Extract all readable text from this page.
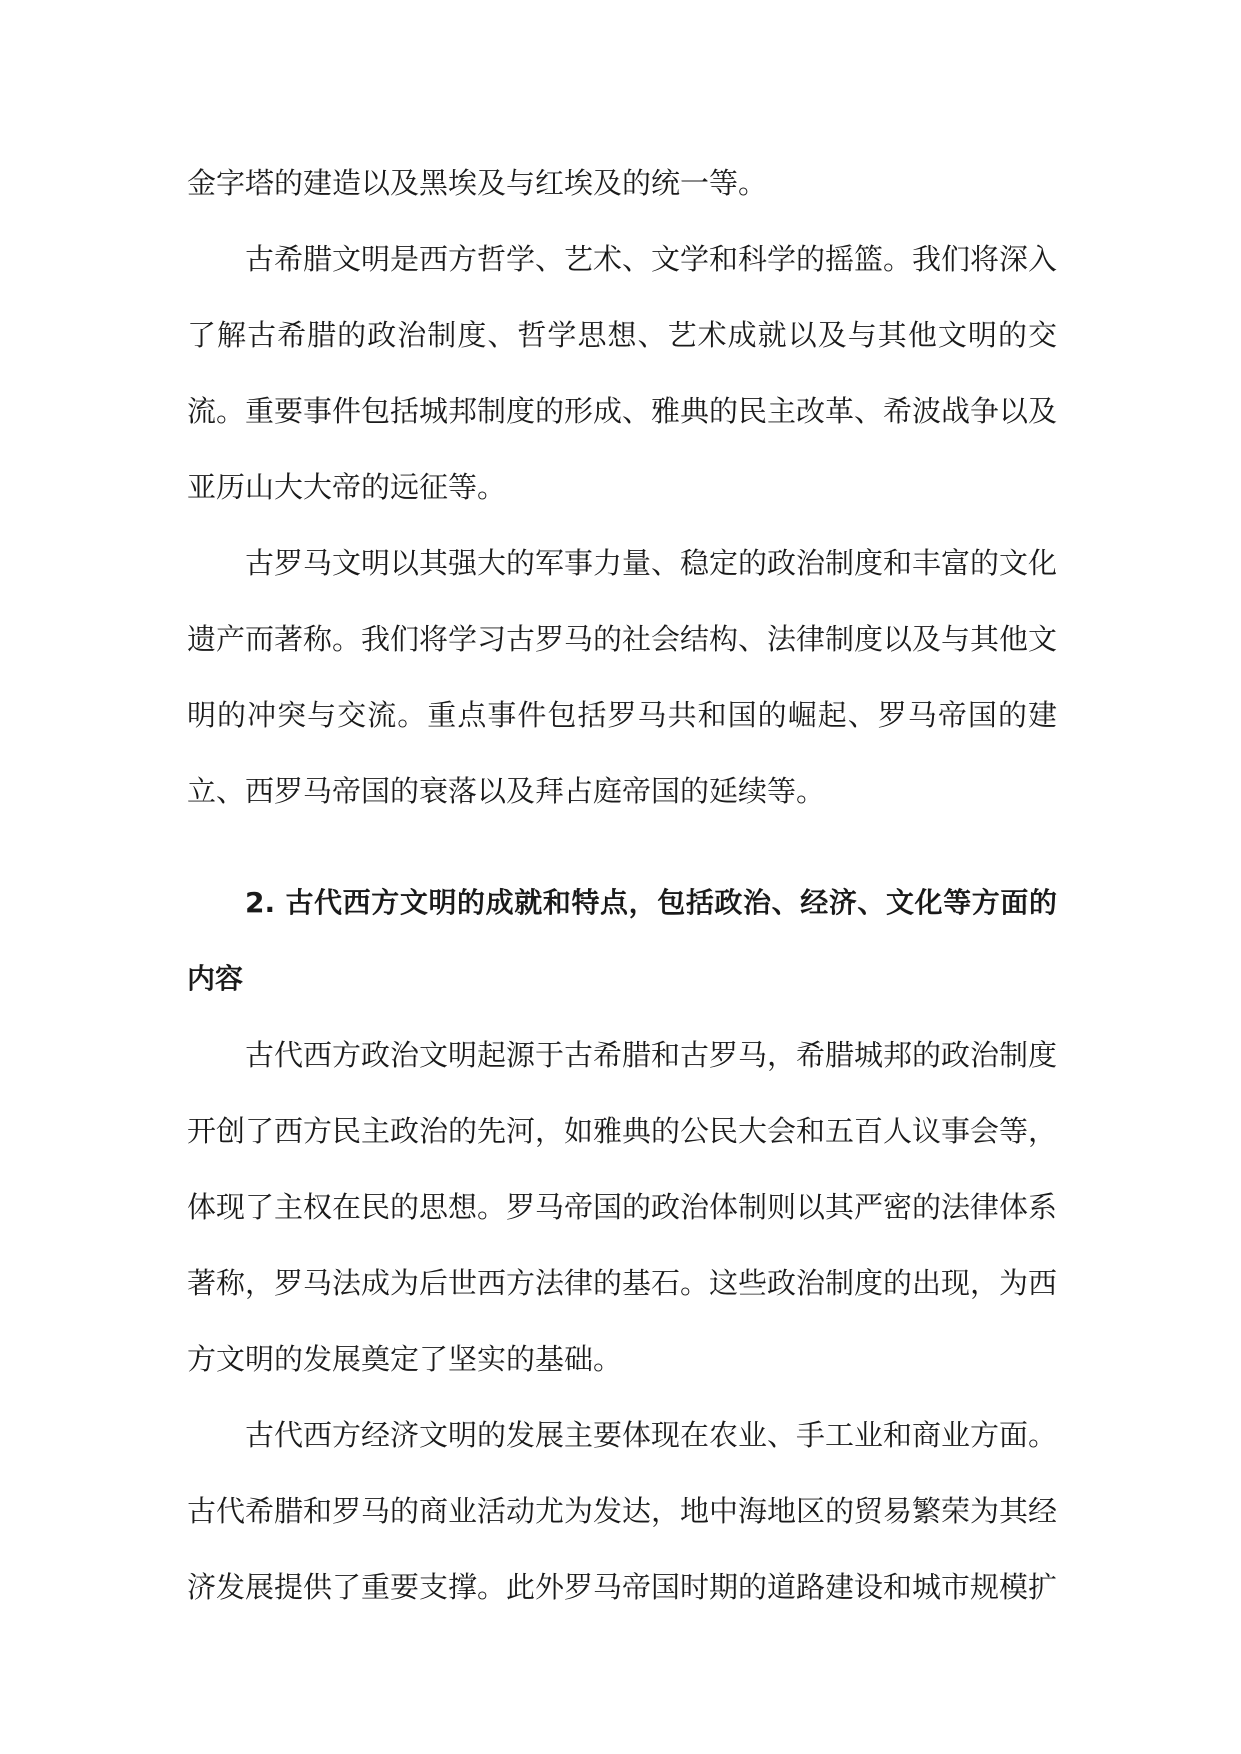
金字塔的建造以及黑埃及与红埃及的统一等。

古希腊文明是西方哲学、艺术、文学和科学的摇篮。我们将深入了解古希腊的政治制度、哲学思想、艺术成就以及与其他文明的交流。重要事件包括城邦制度的形成、雅典的民主改革、希波战争以及亚历山大大帝的远征等。

古罗马文明以其强大的军事力量、稳定的政治制度和丰富的文化遗产而著称。我们将学习古罗马的社会结构、法律制度以及与其他文明的冲突与交流。重点事件包括罗马共和国的崛起、罗马帝国的建立、西罗马帝国的衰落以及拜占庭帝国的延续等。

2. 古代西方文明的成就和特点，包括政治、经济、文化等方面的内容

古代西方政治文明起源于古希腊和古罗马，希腊城邦的政治制度开创了西方民主政治的先河，如雅典的公民大会和五百人议事会等，体现了主权在民的思想。罗马帝国的政治体制则以其严密的法律体系著称，罗马法成为后世西方法律的基石。这些政治制度的出现，为西方文明的发展奠定了坚实的基础。

古代西方经济文明的发展主要体现在农业、手工业和商业方面。古代希腊和罗马的商业活动尤为发达，地中海地区的贸易繁荣为其经济发展提供了重要支撑。此外罗马帝国时期的道路建设和城市规模扩
